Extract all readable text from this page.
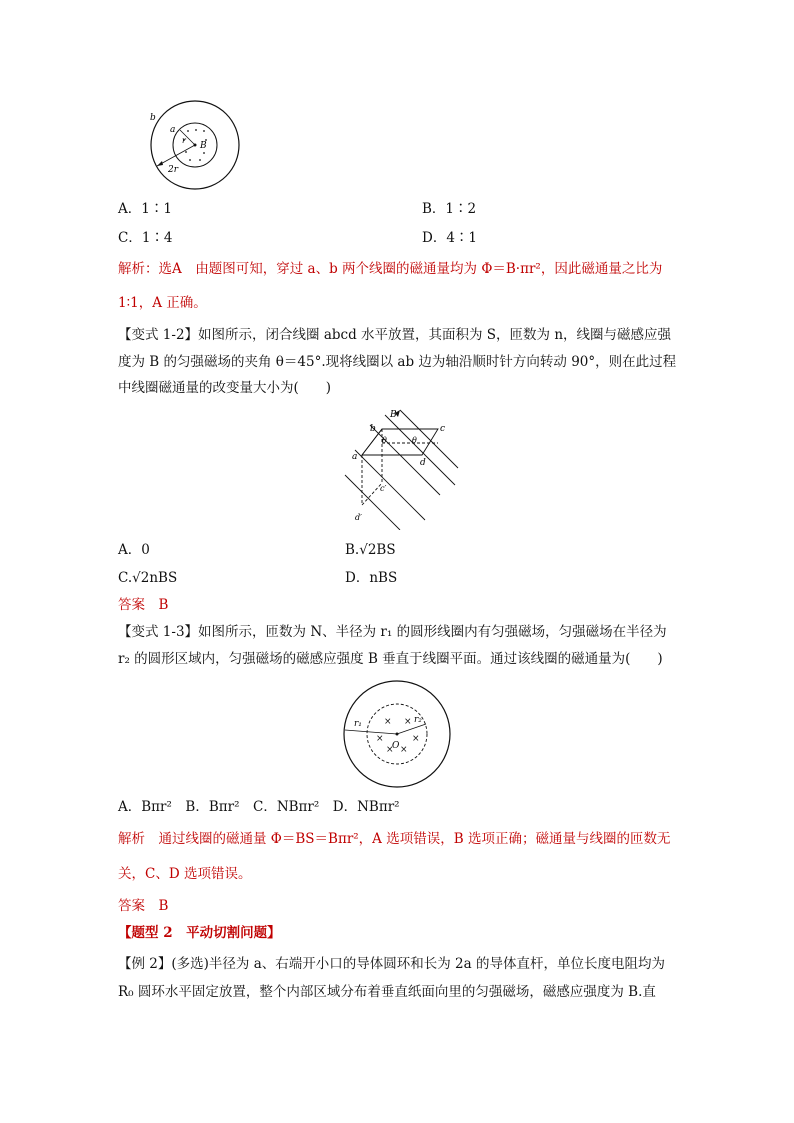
b
a
r
B
2r
A．1∶1	B．1∶2
C．1∶4	D．4∶1
解析：选A　由题图可知，穿过 a、b 两个线圈的磁通量均为 Φ＝B·πr²，因此磁通量之比为
1∶1，A 正确。
【变式 1-2】如图所示，闭合线圈 abcd 水平放置，其面积为 S，匝数为 n，线圈与磁感应强
度为 B 的匀强磁场的夹角 θ＝45°.现将线圈以 ab 边为轴沿顺时针方向转动 90°，则在此过程
中线圈磁通量的改变量大小为(　　)
B
b	c
θ	θ
a
d
c′
d′
A．0	B.√2BS
C.√2nBS	D．nBS
答案　B
【变式 1-3】如图所示，匝数为 N、半径为 r₁ 的圆形线圈内有匀强磁场，匀强磁场在半径为
r₂ 的圆形区域内，匀强磁场的磁感应强度 B 垂直于线圈平面。通过该线圈的磁通量为(　　)
× ×
×	×
× ×
r₁	r₂
O
A．Bπr²　B．Bπr²　C．NBπr²　D．NBπr²
解析　通过线圈的磁通量 Φ＝BS＝Bπr²，A 选项错误，B 选项正确；磁通量与线圈的匝数无
关，C、D 选项错误。
答案　B
【题型 2　平动切割问题】
【例 2】(多选)半径为 a、右端开小口的导体圆环和长为 2a 的导体直杆，单位长度电阻均为
R₀ 圆环水平固定放置，整个内部区域分布着垂直纸面向里的匀强磁场，磁感应强度为 B.直
